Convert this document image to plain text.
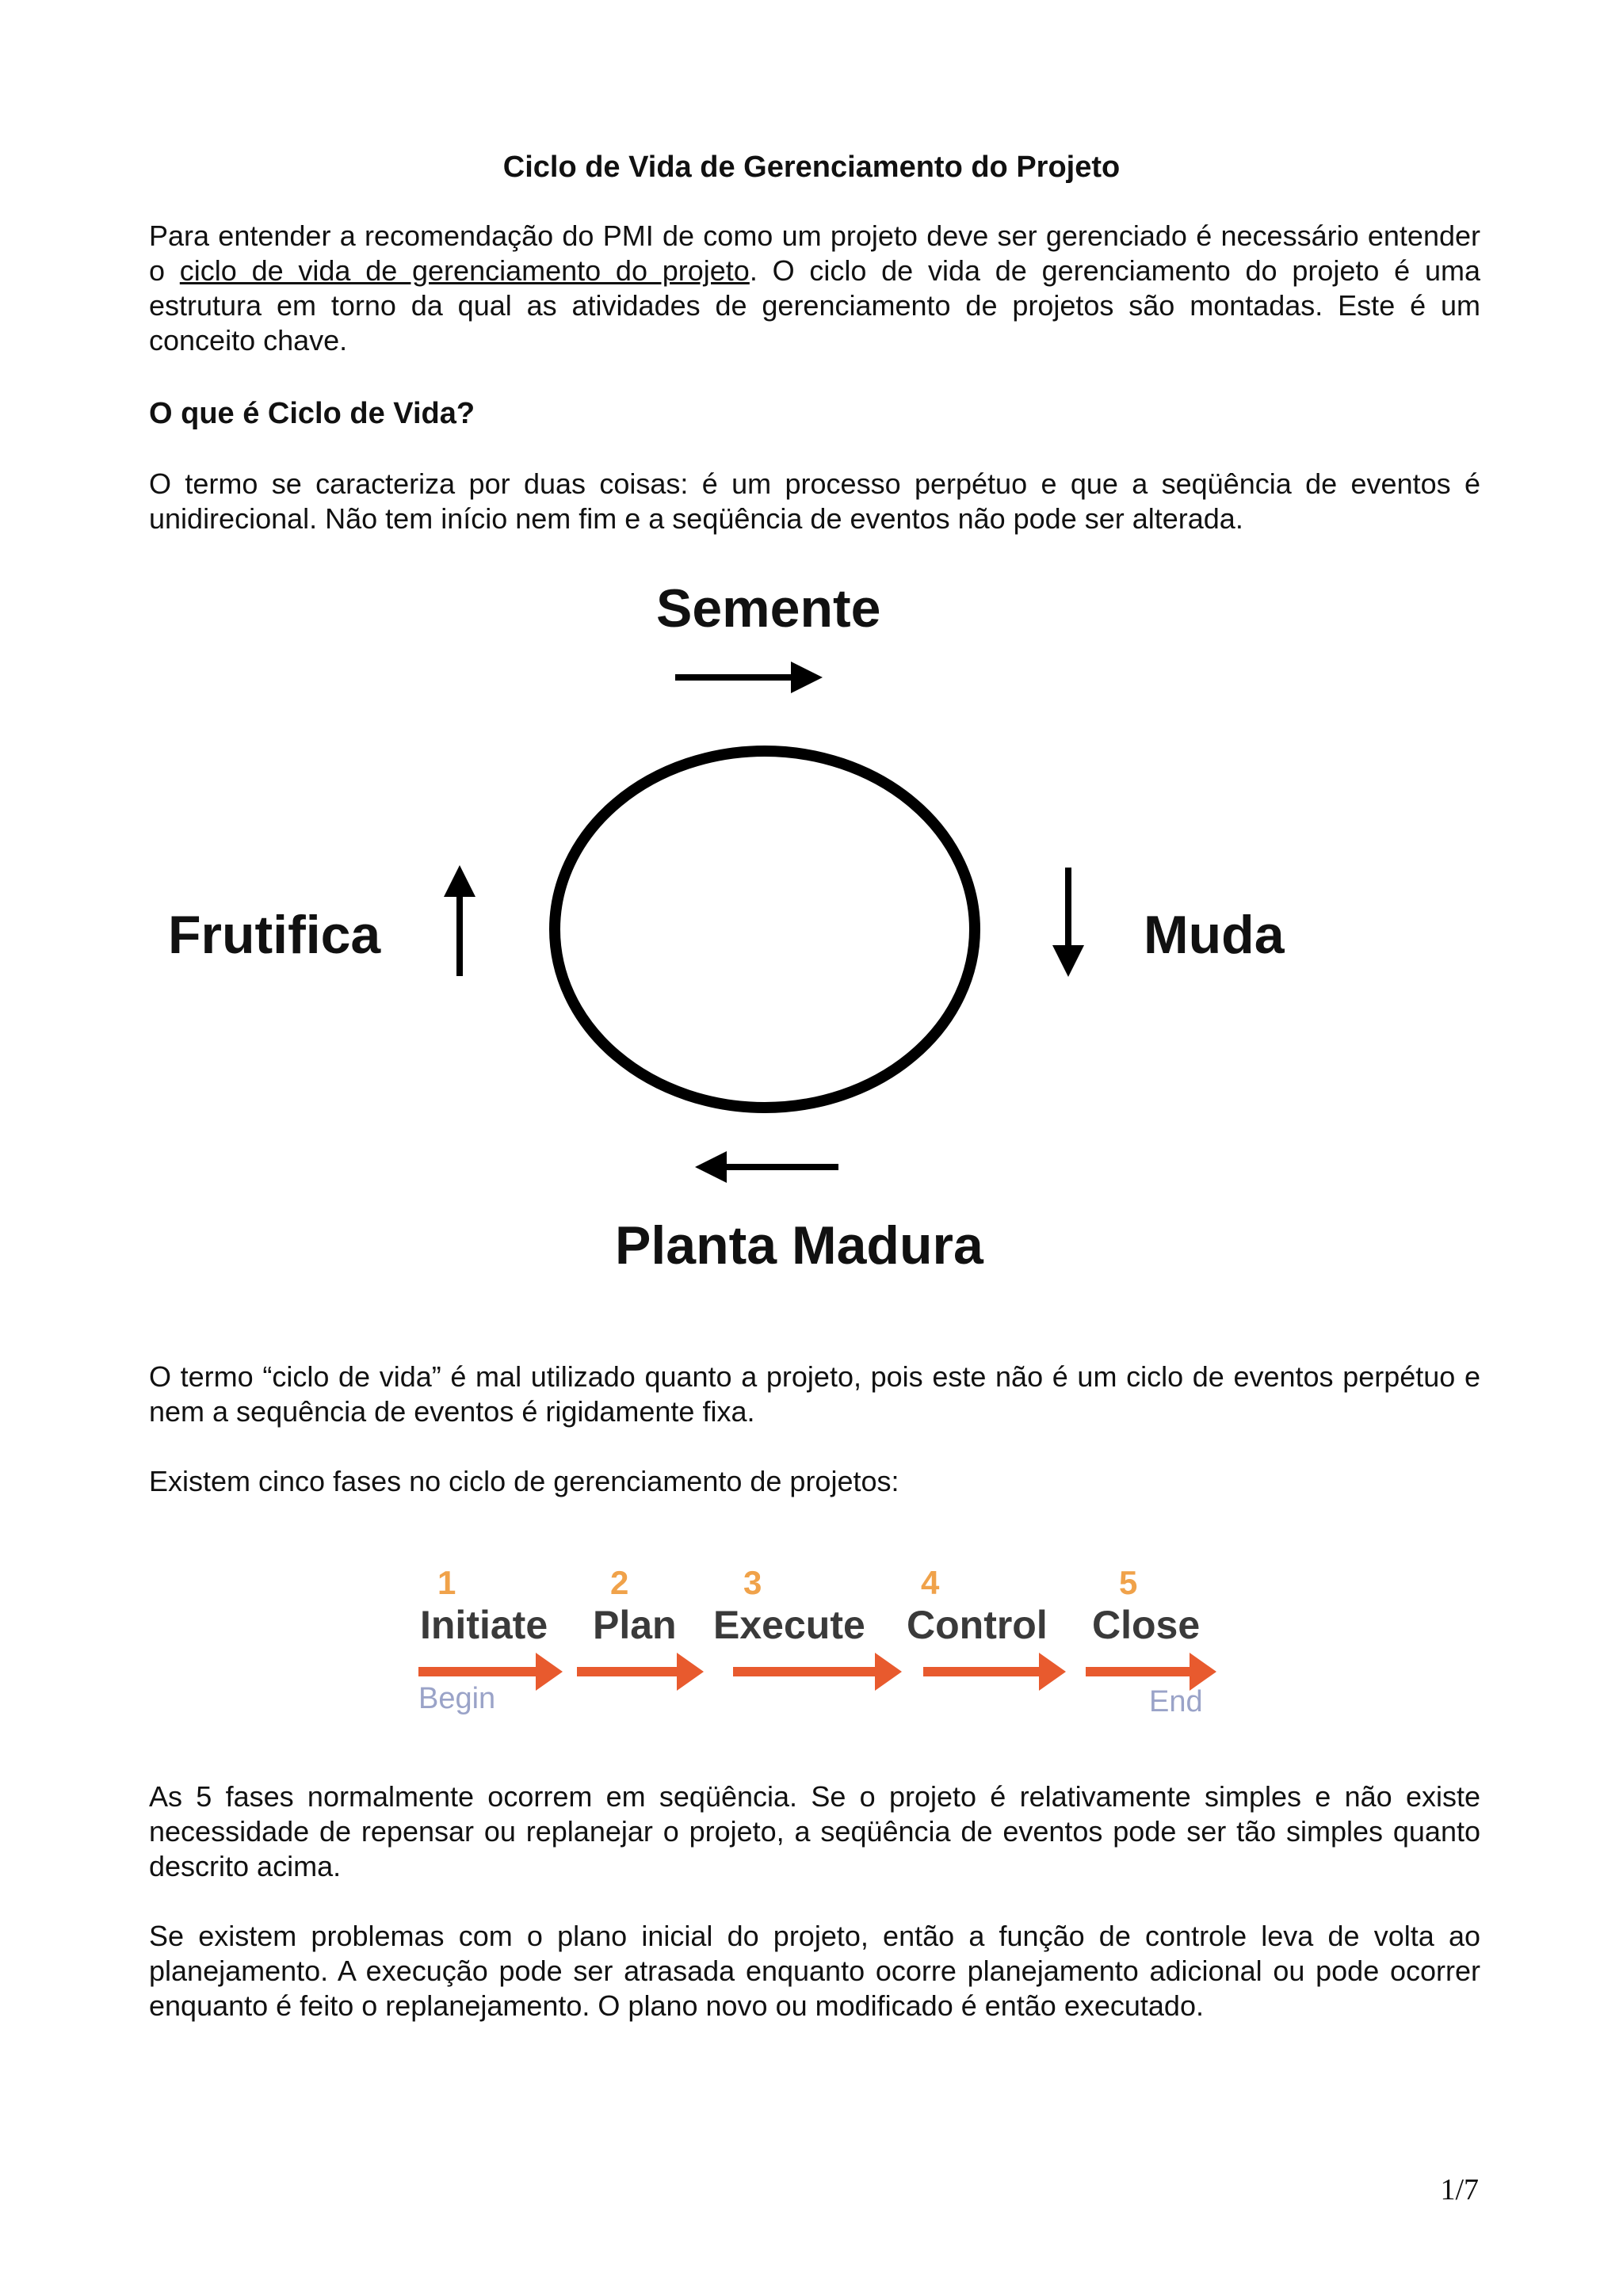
Ciclo de Vida de Gerenciamento do Projeto
Para entender a recomendação do PMI de como um projeto deve ser gerenciado é necessário entender o ciclo de vida de gerenciamento do projeto. O ciclo de vida de gerenciamento do projeto é uma estrutura em torno da qual as atividades de gerenciamento de projetos são montadas. Este é um conceito chave.
O que é Ciclo de Vida?
O termo se caracteriza por duas coisas: é um processo perpétuo e que a seqüência de eventos é unidirecional. Não tem início nem fim e a seqüência de eventos não pode ser alterada.
Semente
Muda
Planta Madura
Frutifica
O termo “ciclo de vida” é mal utilizado quanto a projeto, pois este não é um ciclo de eventos perpétuo e nem a sequência de eventos é rigidamente fixa.
Existem cinco fases no ciclo de gerenciamento de projetos:
1
Initiate
2
Plan
3
Execute
4
Control
5
Close
Begin	End
As 5 fases normalmente ocorrem em seqüência. Se o projeto é relativamente simples e não existe necessidade de repensar ou replanejar o projeto, a seqüência de eventos pode ser tão simples quanto descrito acima.
Se existem problemas com o plano inicial do projeto, então a função de controle leva de volta ao planejamento. A execução pode ser atrasada enquanto ocorre planejamento adicional ou pode ocorrer enquanto é feito o replanejamento. O plano novo ou modificado é então executado.
1/7
